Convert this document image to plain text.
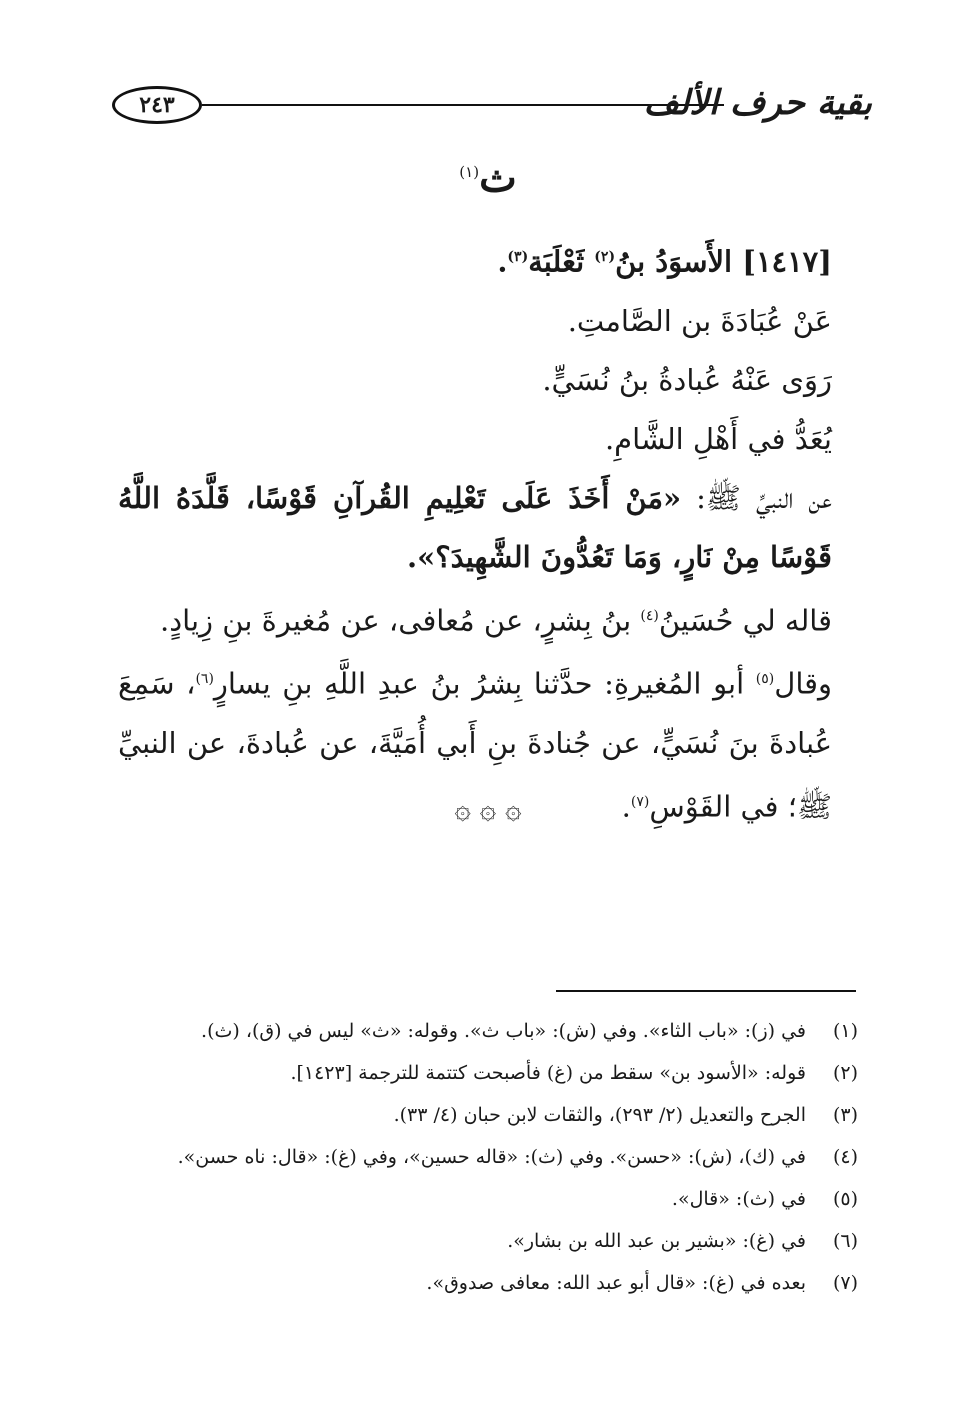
٢٤٣	بقية حرف الألف
ث$^{(١)}$

[١٤١٧] الأَسوَدُ بنُ$^{(٢)}$ ثَعْلَبَة$^{(٣)}$.

عَنْ عُبَادَةَ بن الصَّامتِ.

رَوَى عَنْهُ عُبادةُ بنُ نُسَيٍّ.

يُعَدُّ في أَهْلِ الشَّامِ.

عن النبيِّ ﷺ: «مَنْ أَخَذَ عَلَى تَعْلِيمِ القُرآنِ قَوْسًا، قَلَّدَهُ اللَّهُ قَوْسًا مِنْ نَارٍ، وَمَا تَعُدُّونَ الشَّهِيدَ؟».

قاله لي حُسَينُ$^{(٤)}$ بنُ بِشرٍ، عن مُعافى، عن مُغيرةَ بنِ زِيادٍ.

وقال$^{(٥)}$ أبو المُغيرةِ: حدَّثنا بِشرُ بنُ عبدِ اللَّهِ بنِ يسارٍ$^{(٦)}$، سَمِعَ عُبادةَ بنَ نُسَيٍّ، عن جُنادةَ بنِ أَبي أُمَيَّةَ، عن عُبادةَ، عن النبيِّ ﷺ؛ في القَوْسِ$^{(٧)}$.

۞ ۞ ۞
(١)
في (ز): «باب الثاء». وفي (ش): «باب ث». وقوله: «ث» ليس في (ق)، (ث).
(٢)
قوله: «الأسود بن» سقط من (غ) فأصبحت كتتمة للترجمة [١٤٢٣].
(٣)
الجرح والتعديل (٢/ ٢٩٣)، والثقات لابن حبان (٤/ ٣٣).
(٤)
في (ك)، (ش): «حسن». وفي (ث): «قاله حسين»، وفي (غ): «قال: ناه حسن».
(٥)
في (ث): «قال».
(٦)
في (غ): «بشير بن عبد الله بن بشار».
(٧)
بعده في (غ): «قال أبو عبد الله: معافى صدوق».
